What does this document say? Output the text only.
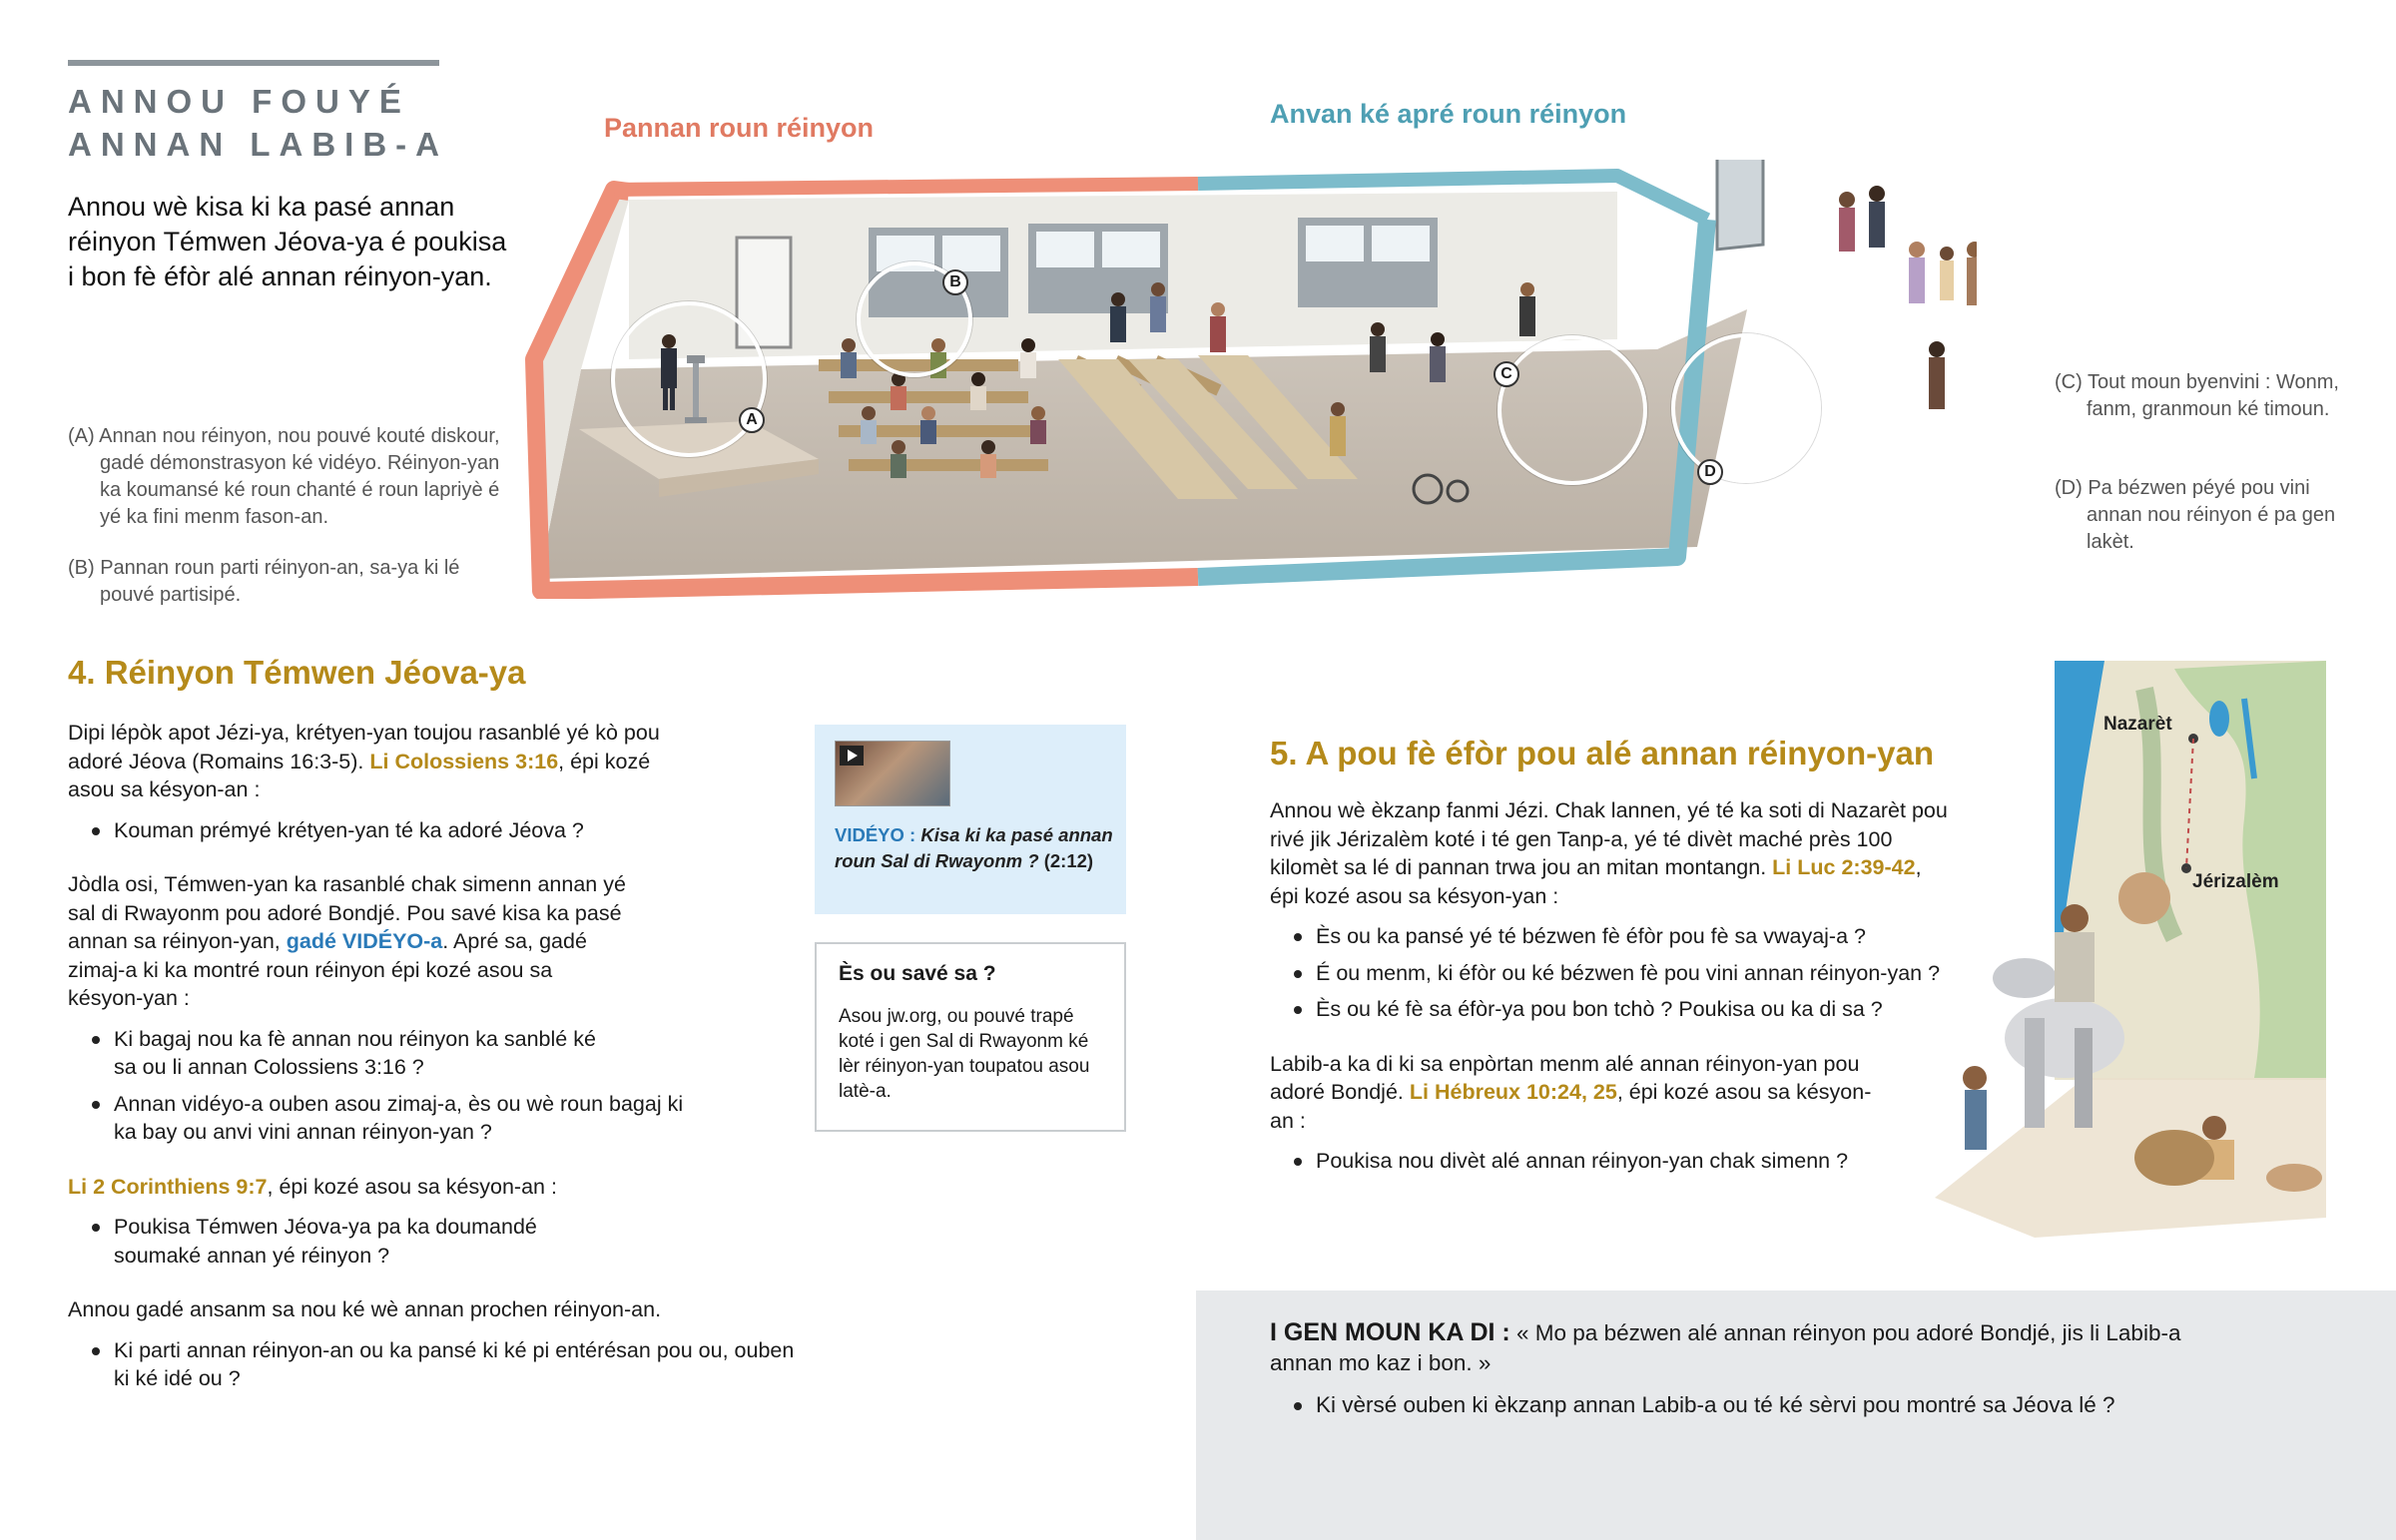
ANNOU FOUYÉ
ANNAN LABIB-A
Annou wè kisa ki ka pasé annan réinyon Témwen Jéova-ya é poukisa i bon fè éfòr alé annan réinyon-yan.
(A) Annan nou réinyon, nou pouvé kouté diskour, gadé démonstrasyon ké vidéyo. Réinyon-yan ka koumansé ké roun chanté é roun lapriyè é yé ka fini menm fason-an.
(B) Pannan roun parti réinyon-an, sa-ya ki lé pouvé partisipé.
Pannan roun réinyon	Anvan ké apré roun réinyon
A
B
C
D
(C) Tout moun byenvini : Wonm, fanm, granmoun ké timoun.
(D) Pa bézwen péyé pou vini annan nou réinyon é pa gen lakèt.
4. Réinyon Témwen Jéova-ya

Dipi lépòk apot Jézi-ya, krétyen-yan toujou rasanblé yé kò pou adoré Jéova (Romains 16:3-5). Li Colossiens 3:16, épi kozé asou sa késyon-an :

Kouman prémyé krétyen-yan té ka adoré Jéova ?

Jòdla osi, Témwen-yan ka rasanblé chak simenn annan yé sal di Rwayonm pou adoré Bondjé. Pou savé kisa ka pasé annan sa réinyon-yan, gadé VIDÉYO-a. Apré sa, gadé zimaj-a ki ka montré roun réinyon épi kozé asou sa késyon-yan :

Ki bagaj nou ka fè annan nou réinyon ka sanblé ké sa ou li annan Colossiens 3:16 ?
Annan vidéyo-a ouben asou zimaj-a, ès ou wè roun bagaj ki ka bay ou anvi vini annan réinyon-yan ?

Li 2 Corinthiens 9:7, épi kozé asou sa késyon-an :

Poukisa Témwen Jéova-ya pa ka doumandé soumaké annan yé réinyon ?

Annou gadé ansanm sa nou ké wè annan prochen réinyon-an.

Ki parti annan réinyon-an ou ka pansé ki ké pi entérésan pou ou, ouben ki ké idé ou ?
VIDÉYO : Kisa ki ka pasé annan roun Sal di Rwayonm ? (2:12)
Ès ou savé sa ?
Asou jw.org, ou pouvé trapé koté i gen Sal di Rwayonm ké lèr réinyon-yan toupatou asou latè-a.
5. A pou fè éfòr pou alé annan réinyon-yan

Annou wè èkzanp fanmi Jézi. Chak lannen, yé té ka soti di Nazarèt pou rivé jik Jérizalèm koté i té gen Tanp-a, yé té divèt maché près 100 kilomèt sa lé di pannan trwa jou an mitan montangn. Li Luc 2:39-42, épi kozé asou sa késyon-yan :

Ès ou ka pansé yé té bézwen fè éfòr pou fè sa vwayaj-a ?
É ou menm, ki éfòr ou ké bézwen fè pou vini annan réinyon-yan ?
Ès ou ké fè sa éfòr-ya pou bon tchò ? Poukisa ou ka di sa ?

Labib-a ka di ki sa enpòrtan menm alé annan réinyon-yan pou adoré Bondjé. Li Hébreux 10:24, 25, épi kozé asou sa késyon-an :

Poukisa nou divèt alé annan réinyon-yan chak simenn ?
Nazarèt
Jérizalèm
I GEN MOUN KA DI : « Mo pa bézwen alé annan réinyon pou adoré Bondjé, jis li Labib-a annan mo kaz i bon. »
Ki vèrsé ouben ki èkzanp annan Labib-a ou té ké sèrvi pou montré sa Jéova lé ?
